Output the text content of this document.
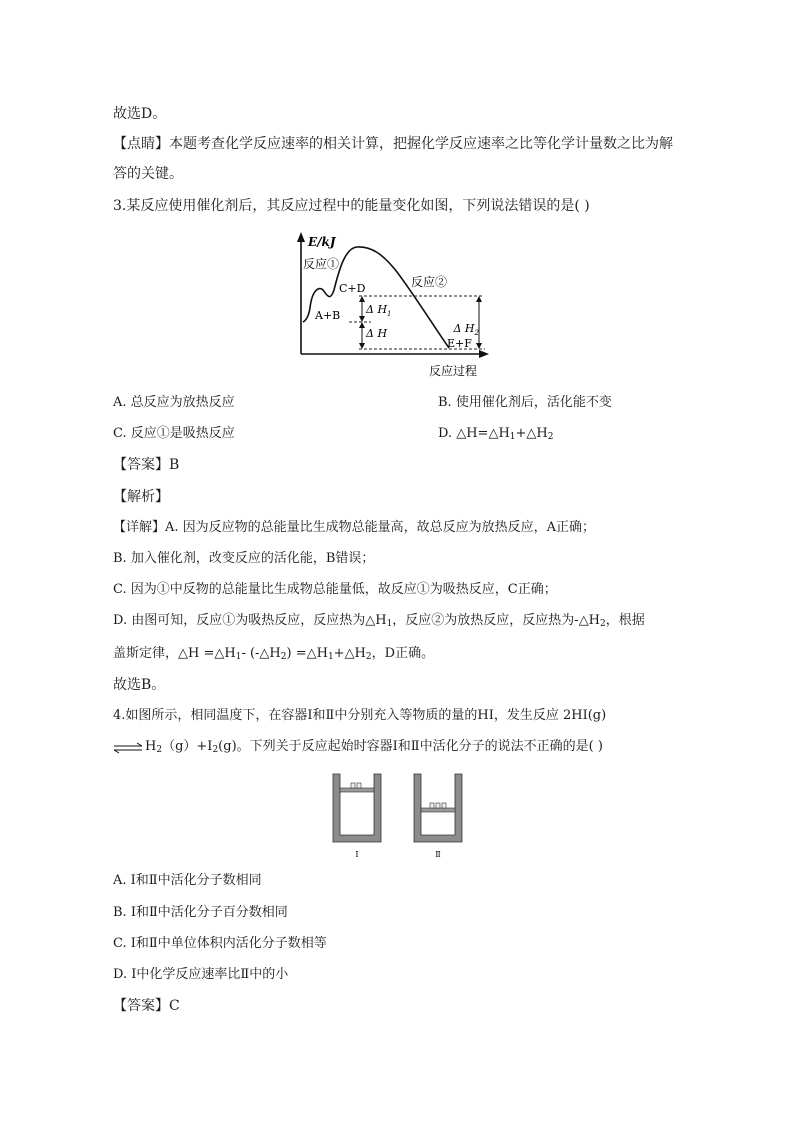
故选D。
【点睛】本题考查化学反应速率的相关计算，把握化学反应速率之比等化学计量数之比为解
答的关键。
3.某反应使用催化剂后，其反应过程中的能量变化如图，下列说法错误的是( )
E/kJ
反应过程
反应①
反应②
A+B
C+D
E+F
Δ $H_1$
Δ H	Δ $H_2$
A. 总反应为放热反应	B. 使用催化剂后，活化能不变
C. 反应①是吸热反应	D. $\triangle H=\triangle H_1+\triangle H_2$
【答案】B
【解析】
【详解】A. 因为反应物的总能量比生成物总能量高，故总反应为放热反应，A正确；
B. 加入催化剂，改变反应的活化能，B错误；
C. 因为①中反物的总能量比生成物总能量低，故反应①为吸热反应，C正确；
D. 由图可知，反应①为吸热反应，反应热为$\triangle H_1$，反应②为放热反应，反应热为$-\triangle H_2$，根据
盖斯定律，△H $=\triangle H_1-$ $(-\triangle H_2)$ $=\triangle H_1+\triangle H_2$，D正确。
故选B。
4.如图所示，相同温度下，在容器Ⅰ和Ⅱ中分别充入等物质的量的HI，发生反应 2HI(g)
⇌ $H_2(g)+I_2(g)$。下列关于反应起始时容器Ⅰ和Ⅱ中活化分子的说法不正确的是( )
Ⅰ	Ⅱ
A. Ⅰ和Ⅱ中活化分子数相同
B. Ⅰ和Ⅱ中活化分子百分数相同
C. Ⅰ和Ⅱ中单位体积内活化分子数相等
D. Ⅰ中化学反应速率比Ⅱ中的小
【答案】C
